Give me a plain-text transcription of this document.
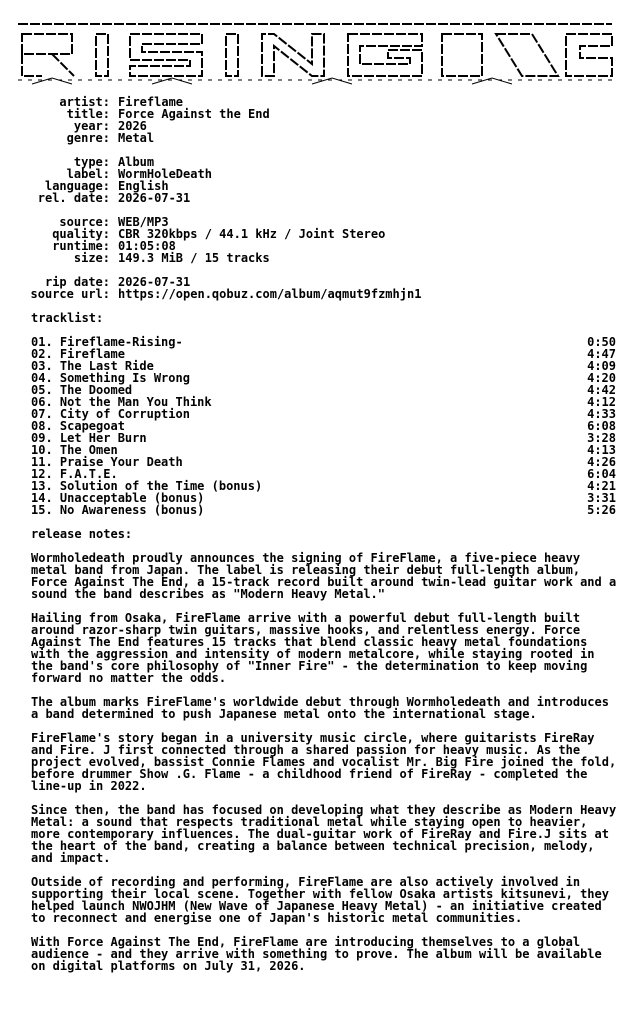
artist: Fireflame
title: Force Against the End
year: 2026
genre: Metal
type: Album
label: WormHoleDeath
language: English
rel. date: 2026-07-31
source: WEB/MP3
quality: CBR 320kbps / 44.1 kHz / Joint Stereo
runtime: 01:05:08
size: 149.3 MiB / 15 tracks
rip date: 2026-07-31
source url: https://open.qobuz.com/album/aqmut9fzmhjn1
tracklist:
01. Fireflame-Rising-	0:50
02. Fireflame	4:47
03. The Last Ride	4:09
04. Something Is Wrong	4:20
05. The Doomed	4:42
06. Not the Man You Think	4:12
07. City of Corruption	4:33
08. Scapegoat	6:08
09. Let Her Burn	3:28
10. The Omen	4:13
11. Praise Your Death	4:26
12. F.A.T.E.	6:04
13. Solution of the Time (bonus)	4:21
14. Unacceptable (bonus)	3:31
15. No Awareness (bonus)	5:26
release notes:

Wormholedeath proudly announces the signing of FireFlame, a five-piece heavy metal band from Japan. The label is releasing their debut full-length album, Force Against The End, a 15-track record built around twin-lead guitar work and a sound the band describes as "Modern Heavy Metal."

Hailing from Osaka, FireFlame arrive with a powerful debut full-length built around razor-sharp twin guitars, massive hooks, and relentless energy. Force Against The End features 15 tracks that blend classic heavy metal foundations with the aggression and intensity of modern metalcore, while staying rooted in the band's core philosophy of "Inner Fire" - the determination to keep moving forward no matter the odds.

The album marks FireFlame's worldwide debut through Wormholedeath and introduces a band determined to push Japanese metal onto the international stage.

FireFlame's story began in a university music circle, where guitarists FireRay and Fire. J first connected through a shared passion for heavy music. As the project evolved, bassist Connie Flames and vocalist Mr. Big Fire joined the fold, before drummer Show .G. Flame - a childhood friend of FireRay - completed the line-up in 2022.

Since then, the band has focused on developing what they describe as Modern Heavy Metal: a sound that respects traditional metal while staying open to heavier, more contemporary influences. The dual-guitar work of FireRay and Fire.J sits at the heart of the band, creating a balance between technical precision, melody, and impact.

Outside of recording and performing, FireFlame are also actively involved in supporting their local scene. Together with fellow Osaka artists kitsunevi, they helped launch NWOJHM (New Wave of Japanese Heavy Metal) - an initiative created to reconnect and energise one of Japan's historic metal communities.

With Force Against The End, FireFlame are introducing themselves to a global audience - and they arrive with something to prove. The album will be available on digital platforms on July 31, 2026.
